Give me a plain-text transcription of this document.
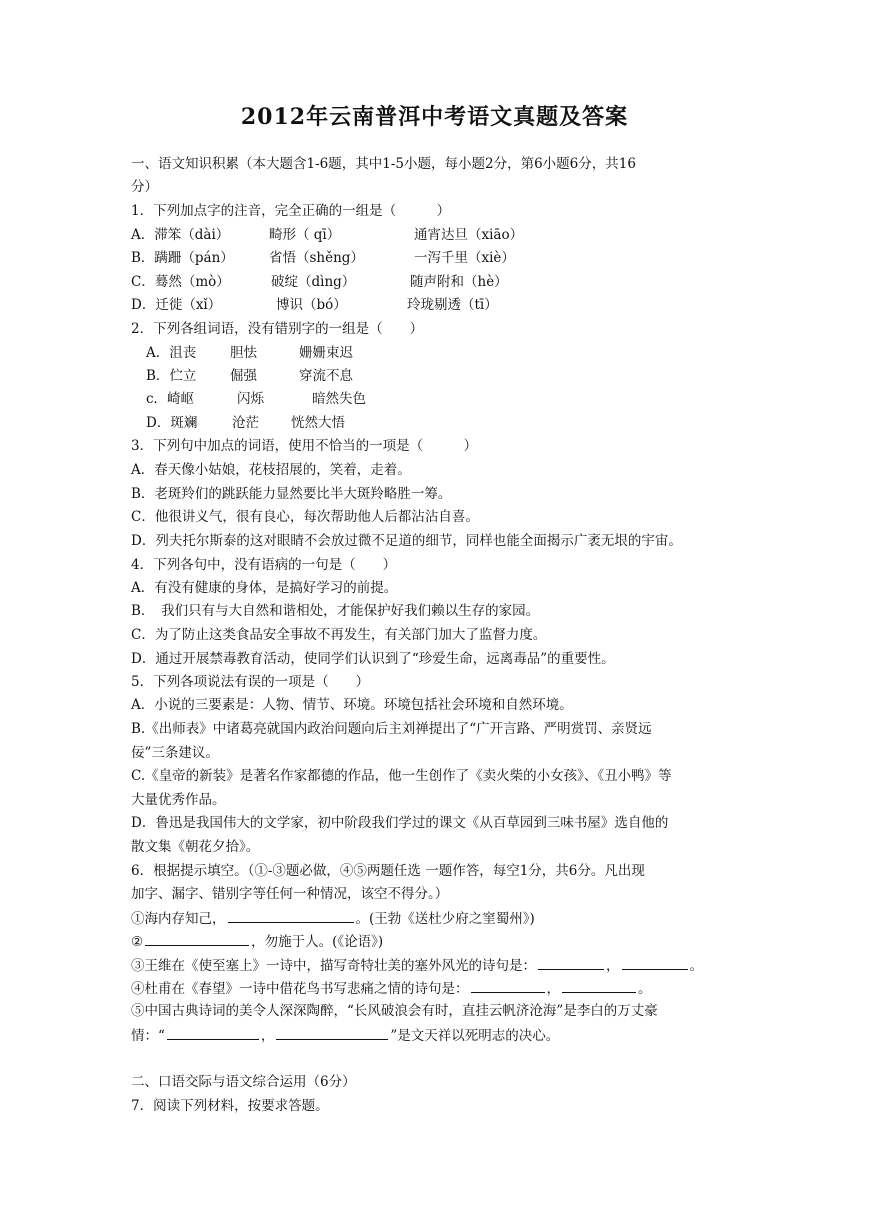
2012年云南普洱中考语文真题及答案
一、语文知识积累（本大题含1-6题，其中1-5小题，每小题2分，第6小题6分，共16
分）
1．下列加点字的注音，完全正确的一组是（　　　）
A．滞笨（dài）	畸形（ qī）	通宵达旦（xiāo）
B．蹒跚（pán）	省悟（shěng）	一泻千里（xiè）
C．蓦然（mò）	破绽（dìng）	随声附和（hè）
D．迁徙（xǐ）	博识（bó）	玲珑剔透（tī）
2．下列各组词语，没有错别字的一组是（　　）
A．沮丧	胆怯	姗姗束迟
B．伫立 倔强	穿流不息
c．崎岖	闪烁	暗然失色
D．斑斓	沧茫 恍然大悟
3．下列句中加点的词语，使用不恰当的一项是（　　　）
A．春天像小姑娘，花枝招展的，笑着，走着。
B．老斑羚们的跳跃能力显然要比半大斑羚略胜一筹。
C．他很讲义气，很有良心，每次帮助他人后都沾沾自喜。
D．列夫托尔斯泰的这对眼睛不会放过微不足道的细节，同样也能全面揭示广袤无垠的宇宙。
4．下列各句中，没有语病的一句是（　　）
A．有没有健康的身体，是搞好学习的前提。
B．　我们只有与大自然和谐相处，才能保护好我们赖以生存的家园。
C．为了防止这类食品安全事故不再发生，有关部门加大了监督力度。
D．通过开展禁毒教育活动，使同学们认识到了“珍爱生命，远离毒品”的重要性。
5．下列各项说法有误的一项是（　　）
A．小说的三要素是：人物、情节、环境。环境包括社会环境和自然环境。
B.《出师表》中诸葛亮就国内政治问题向后主刘禅提出了“广开言路、严明赏罚、亲贤远
佞”三条建议。
C.《皇帝的新装》是著名作家都德的作品，他一生创作了《卖火柴的小女孩》、《丑小鸭》等
大量优秀作品。
D．鲁迅是我国伟大的文学家，初中阶段我们学过的课文《从百草园到三味书屋》选自他的
散文集《朝花夕拾》。
6．根据提示填空。（①-③题必做，④⑤两题任选 一题作答，每空1分，共6分。凡出现
加字、漏字、错别字等任何一种情况，该空不得分。）
①海内存知己，	。(王勃《送杜少府之窐蜀州》)
②	，勿施于人。(《论语》)
③王维在《使至塞上》一诗中，描写奇特壮美的塞外风光的诗句是：	，	。
④杜甫在《春望》一诗中借花鸟书写悲痛之情的诗句是：	，	。
⑤中国古典诗词的美令人深深陶醉，“长风破浪会有时，直挂云帆济沧海”是李白的万丈豪
情：“	，	”是文天祥以死明志的决心。
二、口语交际与语文综合运用（6分）
7．阅读下列材料，按要求答题。
